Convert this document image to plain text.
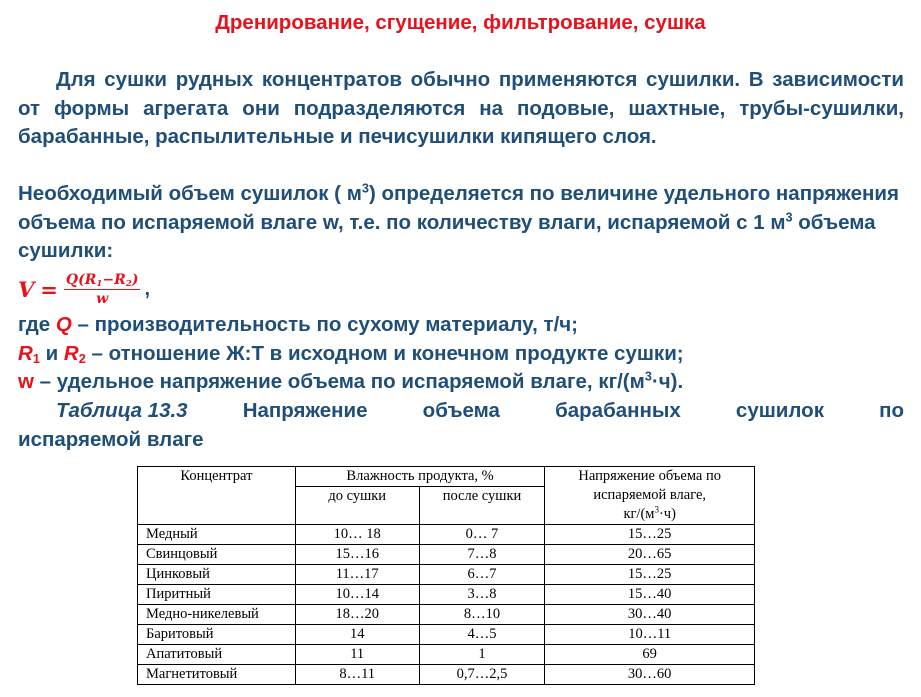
Дренирование, сгущение, фильтрование, сушка
Для сушки рудных концентратов обычно применяются сушилки. В зависимости от формы агрегата они подразделяются на подовые, шахтные, трубы-сушилки, барабанные, распылительные и печисушилки кипящего слоя.
Необходимый объем сушилок ( $м^3$) определяется по величине удельного напряжения объема по испаряемой влаге w, т.е. по количеству влаги, испаряемой с 1 $м^3$ объема сушилки:
$V = \frac{Q(R_1-R_2)}{w}$ ,
где Q – производительность по сухому материалу, т/ч;
$R_1$ и $R_2$ – отношение Ж:Т в исходном и конечном продукте сушки;
w – удельное напряжение объема по испаряемой влаге, $кг/(м^3\cdot ч)$.
Таблица 13.3	Напряжение	объема	барабанных	сушилок	по
испаряемой влаге
Концентрат	Влажность продукта, %		Напряжение объема по
испаряемой влаге,
$кг/(м^3\cdot ч)$
	до сушки	после сушки	
Медный	10… 18	0… 7	15…25
Свинцовый	15…16	7…8	20…65
Цинковый	11…17	6…7	15…25
Пиритный	10…14	3…8	15…40
Медно-никелевый	18…20	8…10	30…40
Баритовый	14	4…5	10…11
Апатитовый	11	1	69
Магнетитовый	8…11	0,7…2,5	30…60
